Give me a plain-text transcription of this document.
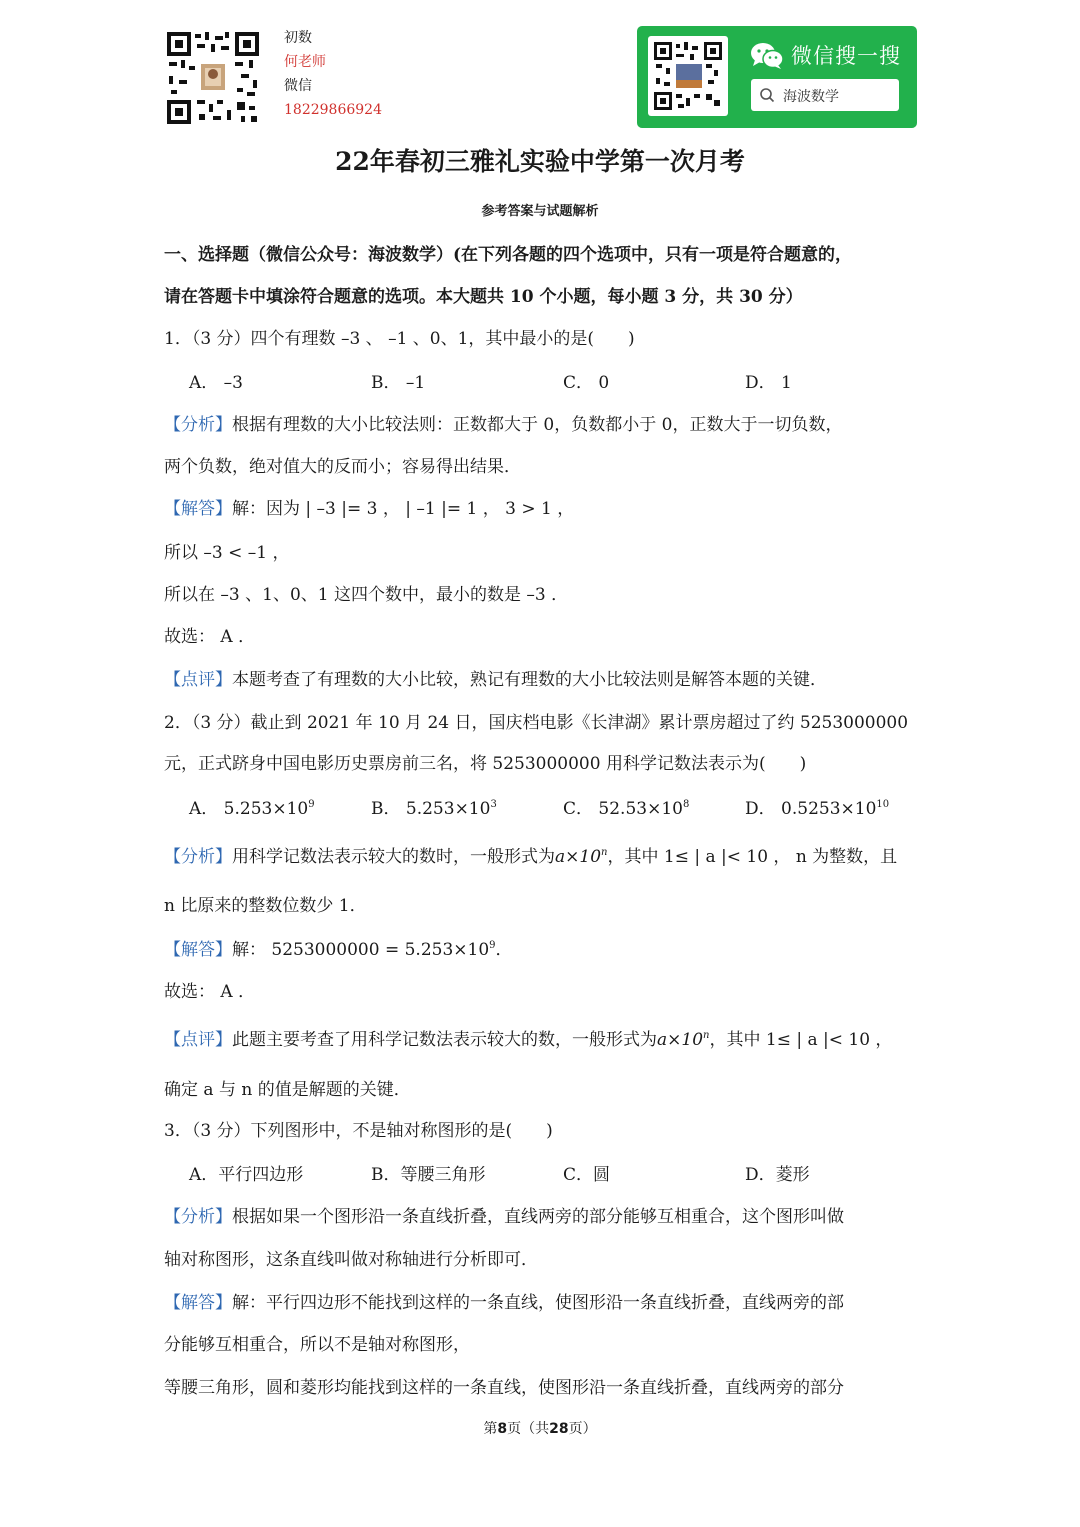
初数
何老师
微信
18229866924
微信搜一搜
海波数学
22年春初三雅礼实验中学第一次月考
参考答案与试题解析
一、选择题（微信公众号：海波数学）(在下列各题的四个选项中，只有一项是符合题意的，
请在答题卡中填涂符合题意的选项。本大题共 10 个小题，每小题 3 分，共 30 分）
1．（3 分）四个有理数 –3 、 –1 、0、1，其中最小的是(　　)
A． –3	B． –1	C． 0	D． 1
【分析】根据有理数的大小比较法则：正数都大于 0，负数都小于 0，正数大于一切负数，
两个负数，绝对值大的反而小；容易得出结果．
【解答】解：因为 | –3 |= 3 ， | –1 |= 1 ， 3 > 1 ，
所以 –3 < –1 ，
所以在 –3 、1、0、1 这四个数中，最小的数是 –3 ．
故选： A ．
【点评】本题考查了有理数的大小比较，熟记有理数的大小比较法则是解答本题的关键．
2．（3 分）截止到 2021 年 10 月 24 日，国庆档电影《长津湖》累计票房超过了约 5253000000
元，正式跻身中国电影历史票房前三名，将 5253000000 用科学记数法表示为(　　)
A． $5.253\times 10^9$	B． $5.253\times 10^3$	C． $52.53\times 10^8$	D． $0.5253\times 10^{10}$
【分析】用科学记数法表示较大的数时，一般形式为$a\times 10^n$，其中 1≤ | a |< 10 ， n 为整数，且
n 比原来的整数位数少 1．
【解答】解： $5253000000 = 5.253\times 10^9$．
故选： A ．
【点评】此题主要考查了用科学记数法表示较大的数，一般形式为$a\times 10^n$，其中 1≤ | a |< 10 ，
确定 a 与 n 的值是解题的关键．
3．（3 分）下列图形中，不是轴对称图形的是(　　)
A．平行四边形	B．等腰三角形	C．圆	D．菱形
【分析】根据如果一个图形沿一条直线折叠，直线两旁的部分能够互相重合，这个图形叫做
轴对称图形，这条直线叫做对称轴进行分析即可．
【解答】解：平行四边形不能找到这样的一条直线，使图形沿一条直线折叠，直线两旁的部
分能够互相重合，所以不是轴对称图形，
等腰三角形，圆和菱形均能找到这样的一条直线，使图形沿一条直线折叠，直线两旁的部分
第8页（共28页）
